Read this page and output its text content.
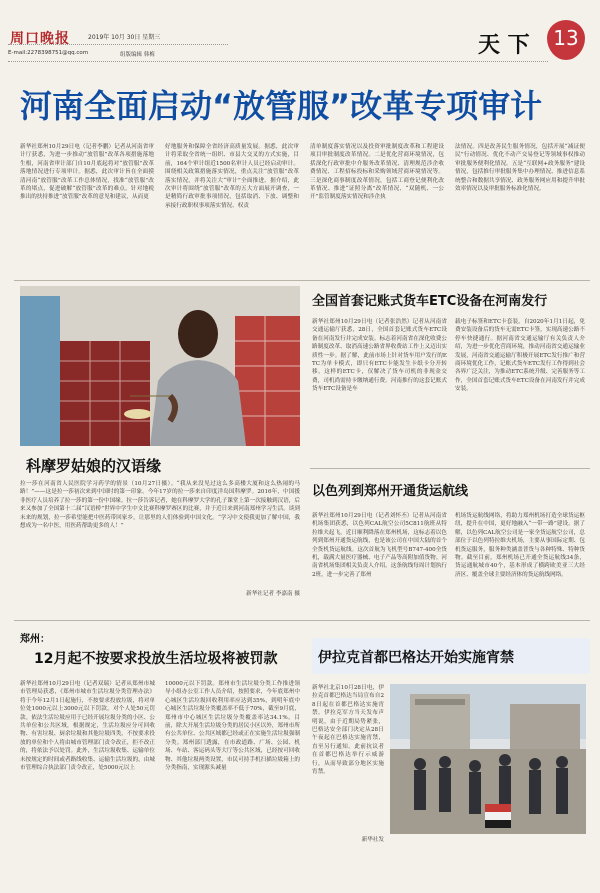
周口晚报	2019年 10月 30日 星期三
E-mail:2278398751@qq.com	组版编辑 韩梅	天 下	13
河南全面启动“放管服”改革专项审计

新华社郑州10月29日电（记者李鹏）记者从河南省审计厅获悉，为进一步推动“放管服”改革各项措施落地生根，河南省审计部门自10月底起将对“放管服”改革落地情况进行专项审计。据悉，此次审计旨在全面摸清河南“放管服”改革工作总体情况，找准“放管服”改革的堵点，促进破解“放管服”改革的难点。针对地税推出的扶持推进“放管服”改革的意见和建议，从而更

好地服务和保障全省经济高质量发展。据悉，此次审计将采取全省统一组织、市县大交叉的方式实施，目前，164个审计组近1500名审计人员已经启动审计。围绕相关政策措施落实情况，重点关注“放管服”改革落实情况，并将关注大“审计”全面推进。据介绍，此次审计将围绕“放管服”改革的五大方面展开调查，一是精简行政审批事项情况，包括取消、下放、调整和承接行政职权事项落实情况、权责

清单制度落实情况以及投资审批制度改革和工程建设项目审批制度改革情况。二是优化营商环境情况，包括深化行政审批中介服务改革情况、清理规范涉企收费情况、工程招标投标和采购领域营商环境情况等。三是深化商事制度改革情况，包括工商登记便利化改革情况、推进“证照分离”改革情况、“双随机、一公开”监管制度落实情况和涉企执

法情况。四是改善民生服务情况，包括开展“减证便民”行动情况、优化不动产交易登记等领域事权推动审批服务便利化情况。五是“互联网+政务服务”建设情况，包括推行审批服务集中办理情况、推进信息系统整合和数据共享情况、政务服务网应用和提升审批效率情况以及审批服务标准化情况。

科摩罗姑娘的汉语缘

拉一莎在河南省人民医院学习药学的情景（10月27日摄）。“我从来没见过这么多高楼大厦和这么热闹的马路！”——这是拉一莎初次来到中国时的第一印象。今年17岁的拉一莎来自印度洋岛国科摩罗。2016年，中国援非医疗人员培养了拉一莎的第一份中国缘。拉一莎告诉记者，她在科摩罗大学的孔子课堂上第一次接触到汉语，后来又参加了全国第十二届“汉语桥”世界中学生中文比赛科摩罗赛区的比赛，并于近日来到河南郑州学习生活。谈到未来的规划，拉一莎希望能把中医药带回家乡，让那里的人们体验到中国文化。“学习中文使我更加了解中国，我想成为一名中医，用医药帮助更多的人！”

新华社记者 李嘉南 摄
全国首套记账式货车ETC设备在河南发行

新华社郑州10月29日电（记者张浩然）记者从河南省交通运输厅获悉，28日，全国首套记账式货车ETC设备在河南发行并完成安装。标志着河南省在深化收费公路制度改革、取消高速公路省界收费站工作上又迈出实质性一步。据了解，此前市场上针对货车用户发行的ETC为单卡模式，即只有ETC卡能发生卡纸卡分开转移，这样的ETC卡，仅解决了货车司机的非现金交费，司机尚需持卡缴纳通行费。河南推行的这套记账式货车ETC设备是车

载电子标签和ETC卡套装，自2020年1月1日起，免费安装设备后的货车无需ETC卡签，实现高速公路不停车快捷通行。据河南省交通运输厅有关负责人介绍，为进一步优化营商环境，推动河南省交通运输业发展，河南省交通运输厅积极开展ETC发行推广和营商环境优化工作，记账式货车ETC发行工作得到社会各界广泛关注，为推动ETC系统升级、完善服务等工作，全国首套记账式货车ETC设备在河南发行并完成安装。

以色列到郑州开通货运航线

新华社郑州10月29日电（记者刘怀丕）记者从河南省机场集团获悉，以色列CAL航空公司5C811航班从特拉维夫起飞，近日顺利降落在郑州机场，这标志着以色列到郑州开通货运航线，也是该公司在中国大陆的首个全货机货运航线。这次首航为飞机型号B747-400全货机，载满大量医疗器械、电子产品等高附加值货物。河南省机场集团相关负责人介绍，这条航线每周计划执行2班，进一步完善了郑州

机场货运航线网络，将助力郑州机场打造全球货运枢纽，提升在中国，更好地融入“一带一路”建设。据了解，以色列CAL航空公司是一家全货运航空公司，总部位于以色列特拉维夫机场，主要从事国际定期、包机货运服务，服务种类涵盖普货与各种特殊、特种货物。截至目前，郑州机场已开通全货运航线34条，货运通航城市40个，基本形成了横跨欧美亚三大经济区、覆盖全球主要经济体的货运航线网络。

郑州：
12月起不按要求投放生活垃圾将被罚款

新华社郑州10月29日电（记者双瑞）记者从郑州市城市管理局获悉，《郑州市城市生活垃圾分类管理办法》将于今年12月1日起施行，不按要求投放垃圾，将对单位处1000元以上3000元以下罚款，对个人处50元罚款。依法生活垃圾应用于已经开展垃圾分类的小区、公共单位和公共区域，根据规定，生活垃圾应分可回收物、有害垃圾、厨余垃圾和其他垃圾四类。不按要求投放的单位和个人将由城市管理部门责令改正，拒不改正的，将依法予以处罚。此外，生活垃圾收集、运输单位未按规定的时间或者路线收集、运输生活垃圾的，由城市管理综合执法部门责令改正，处5000元以上

10000元以下罚款。郑州市生活垃圾分类工作推进领导小组办公室工作人员介绍，按照要求，今年底郑州中心城区生活垃圾回收利用率应达到35%，到明年底中心城区生活垃圾分类覆盖率不低于70%，截至9月底，郑州市中心城区生活垃圾分类覆盖率达34.1%。目前，除大开展生活垃圾分类的居民小区以外，郑州市所有公共单位、公共区域都已经或正在实施生活垃圾强制分类。郑州部门透露，在市政道路、广场、公园、机场、车站、客运码头等大厅等公共区域，已经按可回收物、其他垃圾两类设置，市民可持手机扫描垃圾箱上的分类指南，实现源头减量

伊拉克首都巴格达开始实施宵禁

新华社北京10月28日电，伊拉克首都巴格达当局宣布自28日起在首都巴格达实施宵禁。伊拉克军方当天发布声明说，由于近期局势紧张，巴格达安全部门决定从28日午夜起在巴格达实施宵禁，直至另行通知。此前抗议者在首都巴格达举行示威游行，从而导致部分地区实施宵禁。

新华社发
